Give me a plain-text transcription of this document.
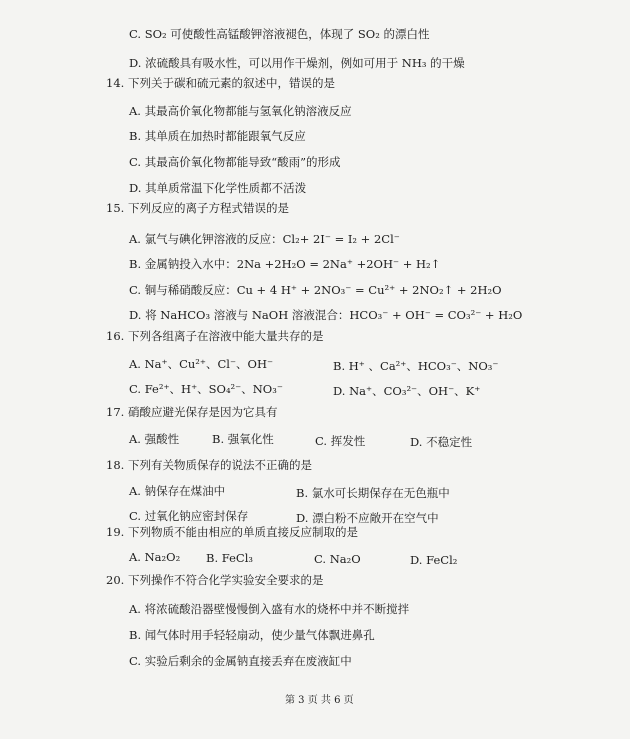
C. SO₂ 可使酸性高锰酸钾溶液褪色，体现了 SO₂ 的漂白性
D. 浓硫酸具有吸水性，可以用作干燥剂，例如可用于 NH₃ 的干燥
14. 下列关于碳和硫元素的叙述中，错误的是
A. 其最高价氧化物都能与氢氧化钠溶液反应
B. 其单质在加热时都能跟氧气反应
C. 其最高价氧化物都能导致“酸雨”的形成
D. 其单质常温下化学性质都不活泼
15. 下列反应的离子方程式错误的是
A. 氯气与碘化钾溶液的反应：Cl₂+ 2I⁻ = I₂ + 2Cl⁻
B. 金属钠投入水中：2Na +2H₂O = 2Na⁺ +2OH⁻ + H₂↑
C. 铜与稀硝酸反应：Cu + 4 H⁺ + 2NO₃⁻ = Cu²⁺ + 2NO₂↑ + 2H₂O
D. 将 NaHCO₃ 溶液与 NaOH 溶液混合：HCO₃⁻ + OH⁻ = CO₃²⁻ + H₂O
16. 下列各组离子在溶液中能大量共存的是
A. Na⁺、Cu²⁺、Cl⁻、OH⁻	B. H⁺ 、Ca²⁺、HCO₃⁻、NO₃⁻
C. Fe²⁺、H⁺、SO₄²⁻、NO₃⁻	D. Na⁺、CO₃²⁻、OH⁻、K⁺
17. 硝酸应避光保存是因为它具有
A. 强酸性	B. 强氧化性	C. 挥发性	D. 不稳定性
18. 下列有关物质保存的说法不正确的是
A. 钠保存在煤油中	B. 氯水可长期保存在无色瓶中
C. 过氧化钠应密封保存	D. 漂白粉不应敞开在空气中
19. 下列物质不能由相应的单质直接反应制取的是
A. Na₂O₂ B. FeCl₃	C. Na₂O	D. FeCl₂
20. 下列操作不符合化学实验安全要求的是
A. 将浓硫酸沿器壁慢慢倒入盛有水的烧杯中并不断搅拌
B. 闻气体时用手轻轻扇动，使少量气体飘进鼻孔
C. 实验后剩余的金属钠直接丢弃在废液缸中
第 3 页 共 6 页
